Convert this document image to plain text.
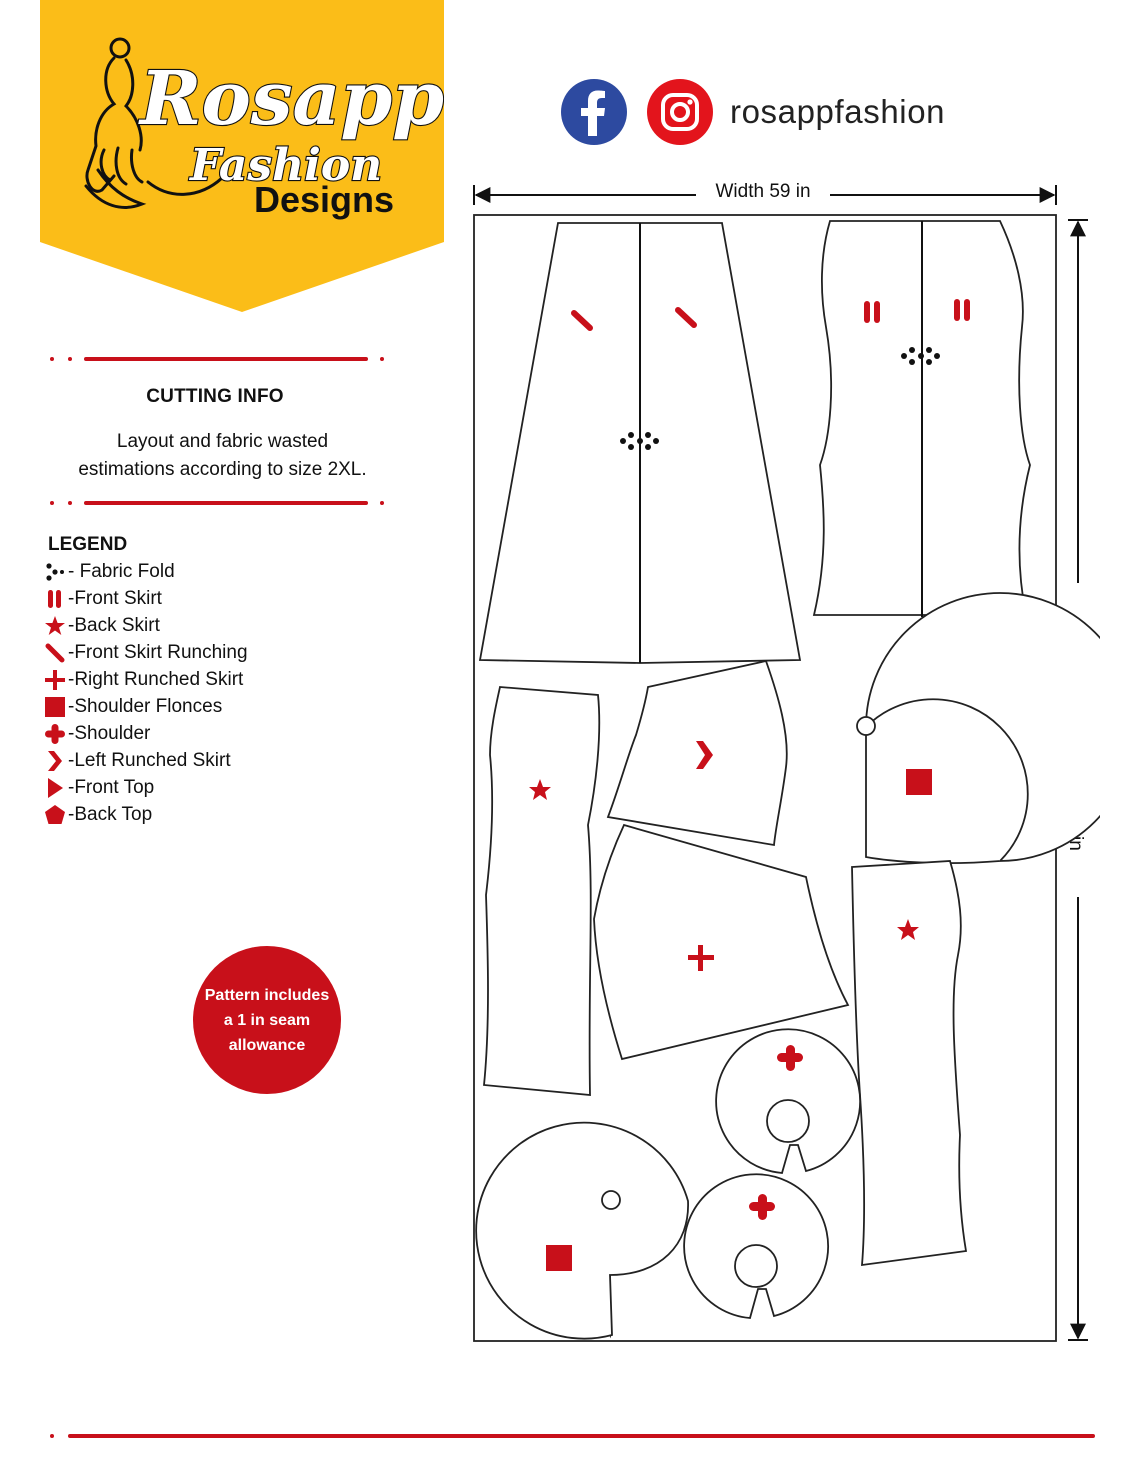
Rosapp
Fashion
Designs
rosappfashion
CUTTING INFO
Layout and fabric wasted
estimations according to size 2XL.
LEGEND
- Fabric Fold
-Front Skirt
-Back Skirt
-Front Skirt Runching
-Right Runched Skirt
-Shoulder Flonces
-Shoulder
-Left Runched Skirt
-Front Top
-Back Top
Pattern includes a 1 in seam allowance
Width 59 in
